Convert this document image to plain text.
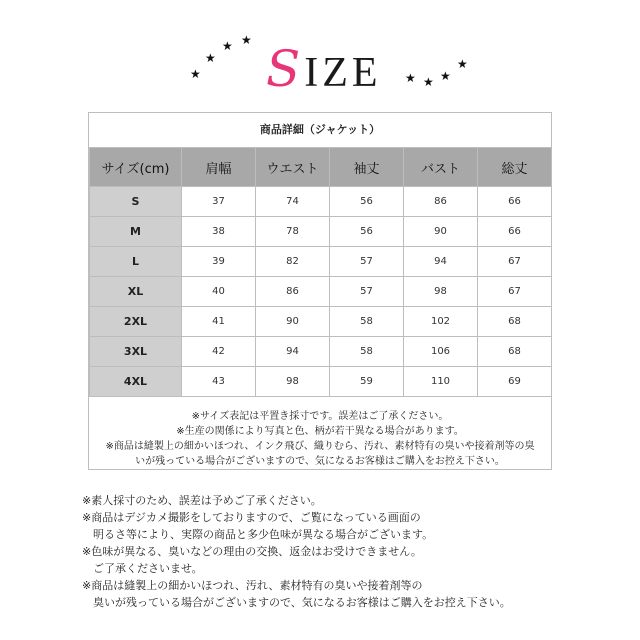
★
★
★ ★ SIZE ★ ★ ★
★
商品詳細（ジャケット）
サイズ(cm)	肩幅	ウエスト	袖丈	バスト	総丈
S	37	74	56	86	66
M	38	78	56	90	66
L	39	82	57	94	67
XL	40	86	57	98	67
2XL	41	90	58	102	68
3XL	42	94	58	106	68
4XL	43	98	59	110	69
※サイズ表記は平置き採寸です。誤差はご了承ください。
※生産の関係により写真と色、柄が若干異なる場合があります。
※商品は縫製上の細かいほつれ、インク飛び、織りむら、汚れ、素材特有の臭いや接着剤等の臭
いが残っている場合がございますので、気になるお客様はご購入をお控え下さい。
※素人採寸のため、誤差は予めご了承ください。
※商品はデジカメ撮影をしておりますので、ご覧になっている画面の
　明るさ等により、実際の商品と多少色味が異なる場合がございます。
※色味が異なる、臭いなどの理由の交換、返金はお受けできません。
　ご了承くださいませ。
※商品は縫製上の細かいほつれ、汚れ、素材特有の臭いや接着剤等の
　臭いが残っている場合がございますので、気になるお客様はご購入をお控え下さい。
